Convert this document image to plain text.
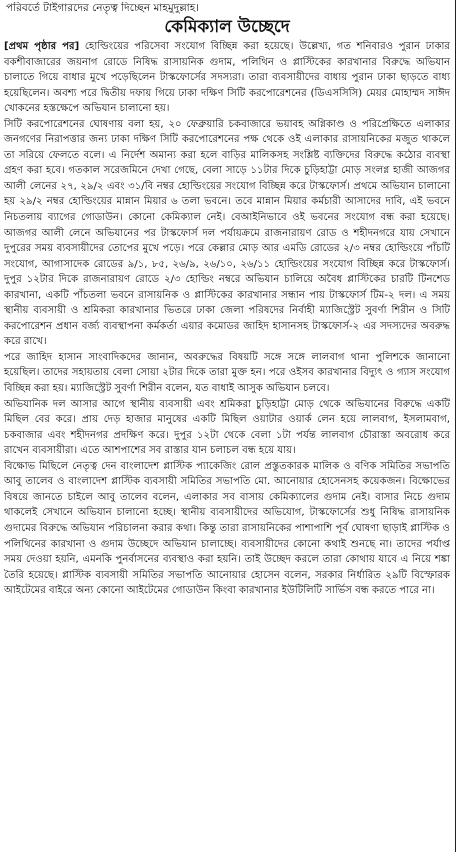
পরিবর্তে টাইগারদের নেতৃত্ব দিচ্ছেন মাহমুদুল্লাহ।
কেমিক্যাল উচ্ছেদে

[প্রথম পৃষ্ঠার পর] হোল্ডিংয়ের পরিসেবা সংযোগ বিচ্ছিন্ন করা হয়েছে। উল্লেখ্য, গত শনিবারও পুরান ঢাকার বকশীবাজারের জয়নাগ রোডে নিষিদ্ধ রাসায়নিক গুদাম, পলিথিন ও প্লাস্টিকের কারখানার বিরুদ্ধে অভিযান চালাতে গিয়ে বাধার মুখে পড়েছিলেন টাস্কফোর্সের সদস্যরা। তারা ব্যবসায়ীদের বাধায় পুরান ঢাকা ছাড়তে বাধ্য হয়েছিলেন। অবশ্য পরে দ্বিতীয় দফায় গিয়ে ঢাকা দক্ষিণ সিটি করপোরেশনের (ডিএসসিসি) মেয়র মোহাম্মদ সাঈদ খোকনের হস্তক্ষেপে অভিযান চালানো হয়।

সিটি করপোরেশনের ঘোষণায় বলা হয়, ২০ ফেব্রুয়ারি চকবাজারে ভয়াবহ অগ্নিকাণ্ড ও পরিপ্রেক্ষিতে এলাকার জনগণের নিরাপত্তার জন্য ঢাকা দক্ষিণ সিটি করপোরেশনের পক্ষ থেকে ওই এলাকার রাসায়নিকের মজুত থাকলে তা সরিয়ে ফেলতে বলে। এ নির্দেশ অমান্য করা হলে বাড়ির মালিকসহ সংশ্লিষ্ট ব্যক্তিদের বিরুদ্ধে কঠোর ব্যবস্থা গ্রহণ করা হবে। গতকাল সরেজমিনে দেখা গেছে, বেলা সাড়ে ১১টার দিকে চুড়িহাট্টা মোড় সংলগ্ন হাজী আজগর আলী লেনের ২৭, ২৯/২ এবং ৩১/বি নম্বর হোল্ডিংয়ের সংযোগ বিচ্ছিন্ন করে টাস্কফোর্স। প্রথমে অভিযান চালানো হয় ২৯/২ নম্বর হোল্ডিংয়ের মান্নান মিয়ার ৬ তলা ভবনে। তবে মান্নান মিয়ার কর্মচারী আসাদের দাবি, এই ভবনে নিচতলায় ব্যাগের গোডাউন। কোনো কেমিক্যাল নেই। বেআইনিভাবে ওই ভবনের সংযোগ বন্ধ করা হয়েছে। আজগর আলী লেনে অভিযানের পর টাস্কফোর্স দল পর্যায়ক্রমে রাজনারায়ণ রোড ও শহীদনগরে যায় সেখানে দুপুরের সময় ব্যবসায়ীদের তোপের মুখে পড়ে। পরে কেল্লার মোড় আর এমডি রোডের ২/৩ নম্বর হোল্ডিংয়ে পাঁচটি সংযোগ, আগাসাদেক রোডের ৯/১, ৮৫, ২৬/৯, ২৬/১০, ২৬/১১ হোল্ডিংয়ের সংযোগ বিচ্ছিন্ন করে টাস্কফোর্স। দুপুর ১২টার দিকে রাজনারায়ণ রোডে ২/৩ হোল্ডিং নম্বরে অভিযান চালিয়ে অবৈধ প্লাস্টিকের চারটি টিনশেড কারখানা, একটি পাঁচতলা ভবনে রাসায়নিক ও প্লাস্টিকের কারখানার সন্ধান পায় টাস্কফোর্স টিম-২ দল। এ সময় স্থানীয় ব্যবসায়ী ও শ্রমিকরা কারখানার ভিতরে ঢাকা জেলা পরিষদের নির্বাহী ম্যাজিস্ট্রেট সুবর্ণা শিরীন ও সিটি করপোরেশন প্রধান বর্জ্য ব্যবস্থাপনা কর্মকর্তা এয়ার কমোডর জাহিদ হাসানসহ টাস্কফোর্স-২ এর সদস্যদের অবরুদ্ধ করে রাখে।

পরে জাহিদ হাসান সাংবাদিকদের জানান, অবরুদ্ধের বিষয়টি সঙ্গে সঙ্গে লালবাগ থানা পুলিশকে জানানো হয়েছিল। তাদের সহায়তায় বেলা সোয়া ২টার দিকে তারা মুক্ত হন। পরে ওইসব কারখানার বিদ্যুৎ ও গ্যাস সংযোগ বিচ্ছিন্ন করা হয়। ম্যাজিস্ট্রেট সুবর্ণা শিরীন বলেন, যত বাধাই আসুক অভিযান চলবে।

অভিযানিক দল আসার আগে স্থানীয় ব্যবসায়ী এবং শ্রমিকরা চুড়িহাট্টা মোড় থেকে অভিযানের বিরুদ্ধে একটি মিছিল বের করে। প্রায় দেড় হাজার মানুষের একটি মিছিল ওয়াটার ওয়ার্ক লেন হয়ে লালবাগ, ইসলামবাগ, চকবাজার এবং শহীদনগর প্রদক্ষিণ করে। দুপুর ১২টা থেকে বেলা ১টা পর্যন্ত লালবাগ চৌরাস্তা অবরোধ করে রাখেন ব্যবসায়ীরা। এতে আশপাশের সব রাস্তার যান চলাচল বন্ধ হয়ে যায়।

বিক্ষোভ মিছিলে নেতৃত্ব দেন বাংলাদেশ প্লাস্টিক প্যাকেজিং রোল প্রস্তুতকারক মালিক ও বণিক সমিতির সভাপতি আবু তালেব ও বাংলাদেশ প্লাস্টিক ব্যবসায়ী সমিতির সভাপতি মো. আনোয়ার হোসেনসহ কয়েকজন। বিক্ষোভের বিষয়ে জানতে চাইলে আবু তালেব বলেন, এলাকার সব বাসায় কেমিক্যালের গুদাম নেই। বাসার নিচে গুদাম থাকলেই সেখানে অভিযান চালানো হচ্ছে। স্থানীয় ব্যবসায়ীদের অভিযোগ, টাস্কফোর্সের শুধু নিষিদ্ধ রাসায়নিক গুদামের বিরুদ্ধে অভিযান পরিচালনা করার কথা। কিন্তু তারা রাসায়নিকের পাশাপাশি পূর্ব ঘোষণা ছাড়াই প্লাস্টিক ও পলিথিনের কারখানা ও গুদাম উচ্ছেদে অভিযান চালাচ্ছে। ব্যবসায়ীদের কোনো কথাই শুনছে না। তাদের পর্যাপ্ত সময় দেওয়া হয়নি, এমনকি পুনর্বাসনের ব্যবস্থাও করা হয়নি। তাই উচ্ছেদ করলে তারা কোথায় যাবে এ নিয়ে শঙ্কা তৈরি হয়েছে। প্লাস্টিক ব্যবসায়ী সমিতির সভাপতি আনোয়ার হোসেন বলেন, সরকার নির্ধারিত ২৯টি বিস্ফোরক আইটেমের বাইরে অন্য কোনো আইটেমের গোডাউন কিংবা কারখানার ইউটিলিটি সার্ভিস বন্ধ করতে পারে না।
